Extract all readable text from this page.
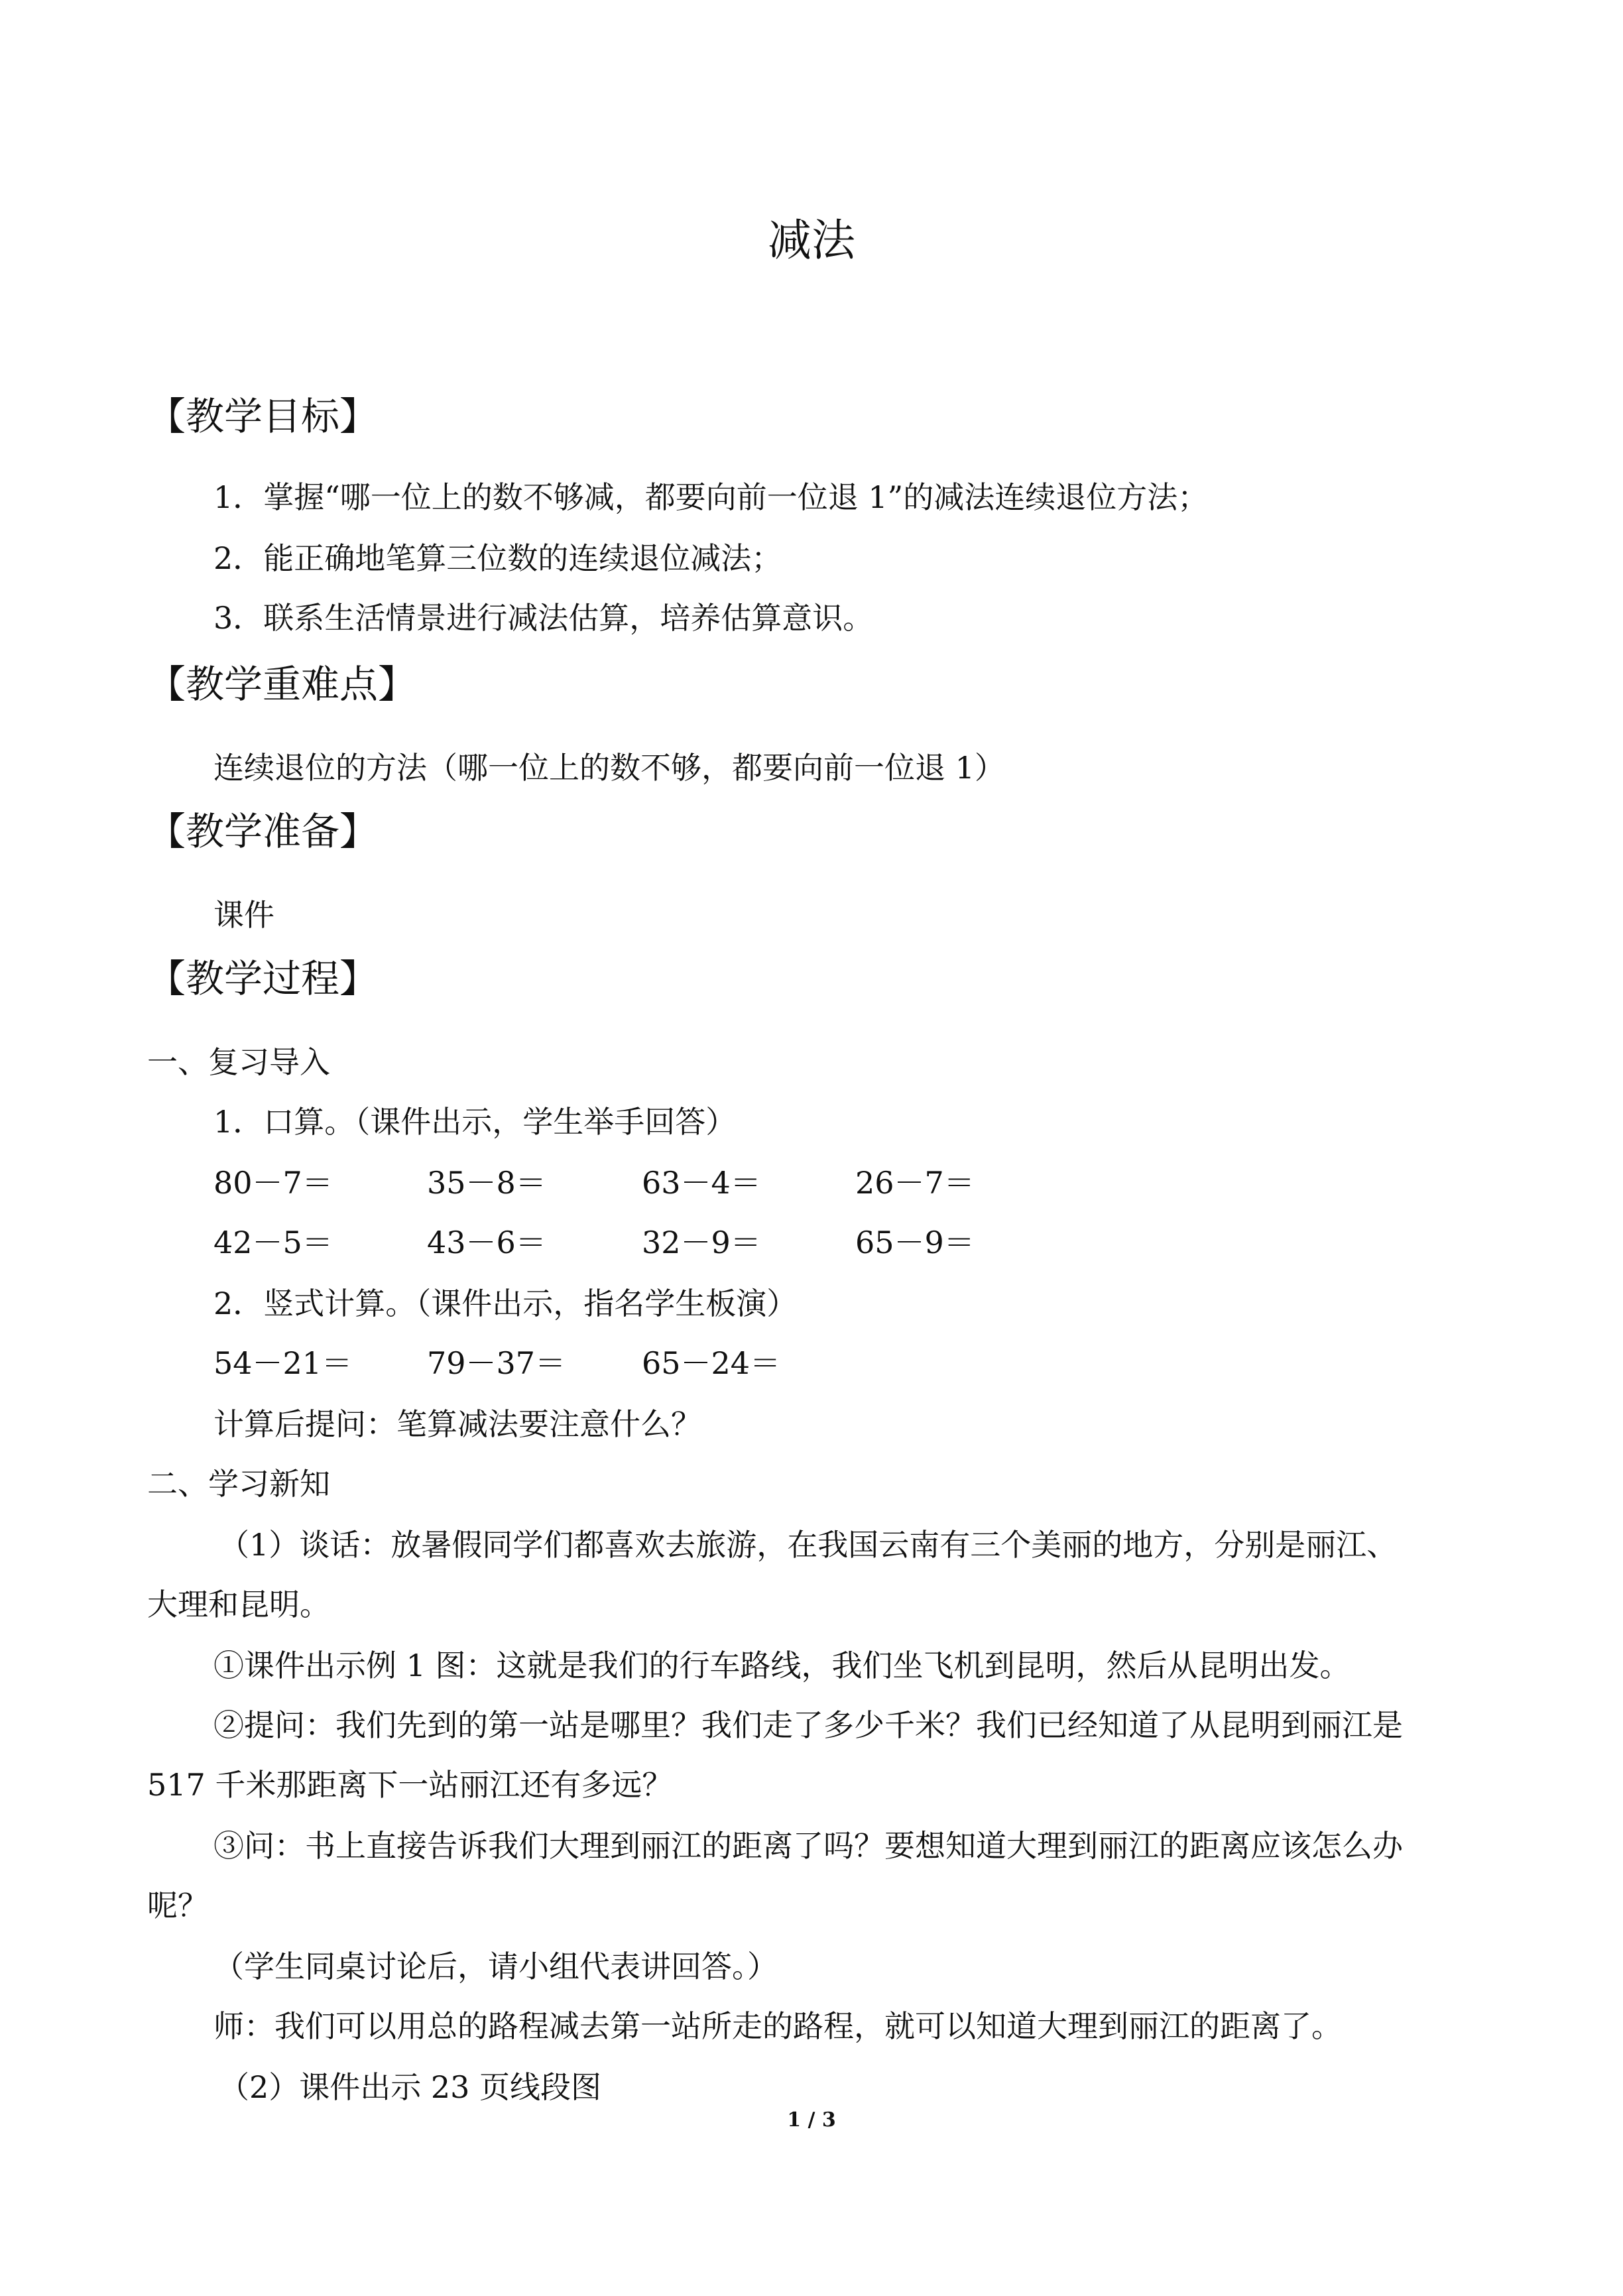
减法
【教学目标】
1．掌握“哪一位上的数不够减，都要向前一位退 1”的减法连续退位方法；
2．能正确地笔算三位数的连续退位减法；
3．联系生活情景进行减法估算，培养估算意识。
【教学重难点】
连续退位的方法（哪一位上的数不够，都要向前一位退 1）
【教学准备】
课件
【教学过程】
一、复习导入
1．口算。（课件出示，学生举手回答）
80－7＝	35－8＝	63－4＝	26－7＝
42－5＝	43－6＝	32－9＝	65－9＝
2．竖式计算。（课件出示，指名学生板演）
54－21＝ 79－37＝ 65－24＝
计算后提问：笔算减法要注意什么？
二、学习新知
（1）谈话：放暑假同学们都喜欢去旅游，在我国云南有三个美丽的地方，分别是丽江、
大理和昆明。
①课件出示例 1 图：这就是我们的行车路线，我们坐飞机到昆明，然后从昆明出发。
②提问：我们先到的第一站是哪里？我们走了多少千米？我们已经知道了从昆明到丽江是
517 千米那距离下一站丽江还有多远？
③问：书上直接告诉我们大理到丽江的距离了吗？要想知道大理到丽江的距离应该怎么办
呢？
（学生同桌讨论后，请小组代表讲回答。）
师：我们可以用总的路程减去第一站所走的路程，就可以知道大理到丽江的距离了。
（2）课件出示 23 页线段图
1 / 3
